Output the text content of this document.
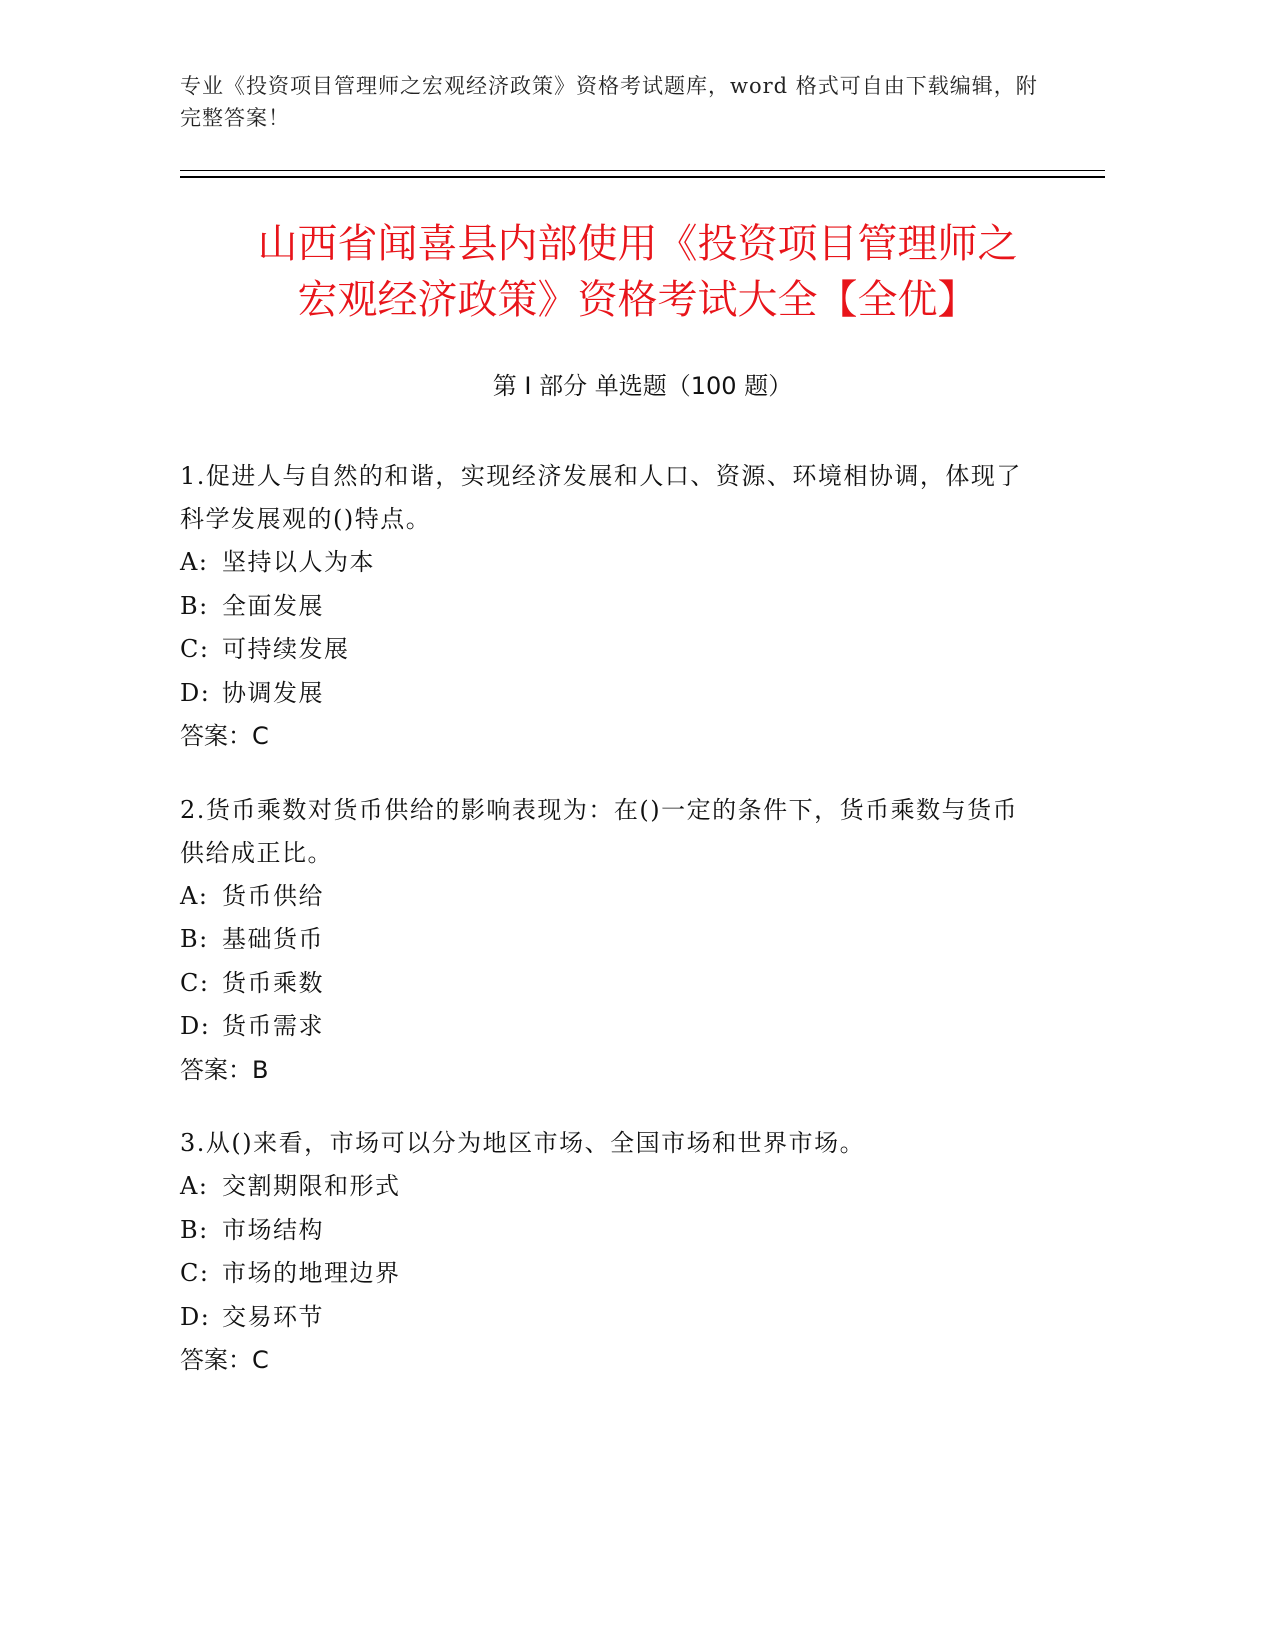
专业《投资项目管理师之宏观经济政策》资格考试题库，word 格式可自由下载编辑，附完整答案！
山西省闻喜县内部使用《投资项目管理师之
宏观经济政策》资格考试大全【全优】
第 I 部分 单选题（100 题）

1.促进人与自然的和谐，实现经济发展和人口、资源、环境相协调，体现了科学发展观的()特点。

A: 坚持以人为本

B: 全面发展

C: 可持续发展

D: 协调发展

答案：C

2.货币乘数对货币供给的影响表现为：在()一定的条件下，货币乘数与货币供给成正比。

A: 货币供给

B: 基础货币

C: 货币乘数

D: 货币需求

答案：B

3.从()来看，市场可以分为地区市场、全国市场和世界市场。

A: 交割期限和形式

B: 市场结构

C: 市场的地理边界

D: 交易环节

答案：C
